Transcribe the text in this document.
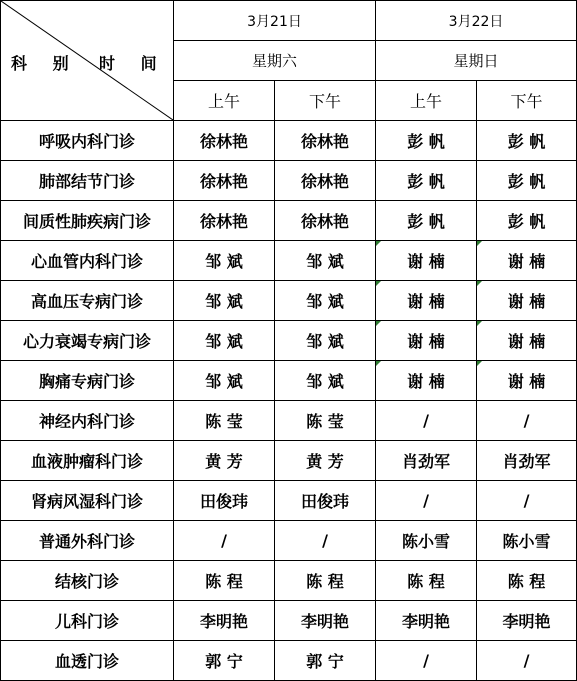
科 别 时 间	3月21日		3月22日	
	星期六		星期日	
	上午	下午	上午	下午
呼吸内科门诊	徐林艳	徐林艳	彭 帆	彭 帆
肺部结节门诊	徐林艳	徐林艳	彭 帆	彭 帆
间质性肺疾病门诊	徐林艳	徐林艳	彭 帆	彭 帆
心血管内科门诊	邹 斌	邹 斌	谢 楠	谢 楠
高血压专病门诊	邹 斌	邹 斌	谢 楠	谢 楠
心力衰竭专病门诊	邹 斌	邹 斌	谢 楠	谢 楠
胸痛专病门诊	邹 斌	邹 斌	谢 楠	谢 楠
神经内科门诊	陈 莹	陈 莹	/	/
血液肿瘤科门诊	黄 芳	黄 芳	肖劲军	肖劲军
肾病风湿科门诊	田俊玮	田俊玮	/	/
普通外科门诊	/	/	陈小雪	陈小雪
结核门诊	陈 程	陈 程	陈 程	陈 程
儿科门诊	李明艳	李明艳	李明艳	李明艳
血透门诊	郭 宁	郭 宁	/	/
